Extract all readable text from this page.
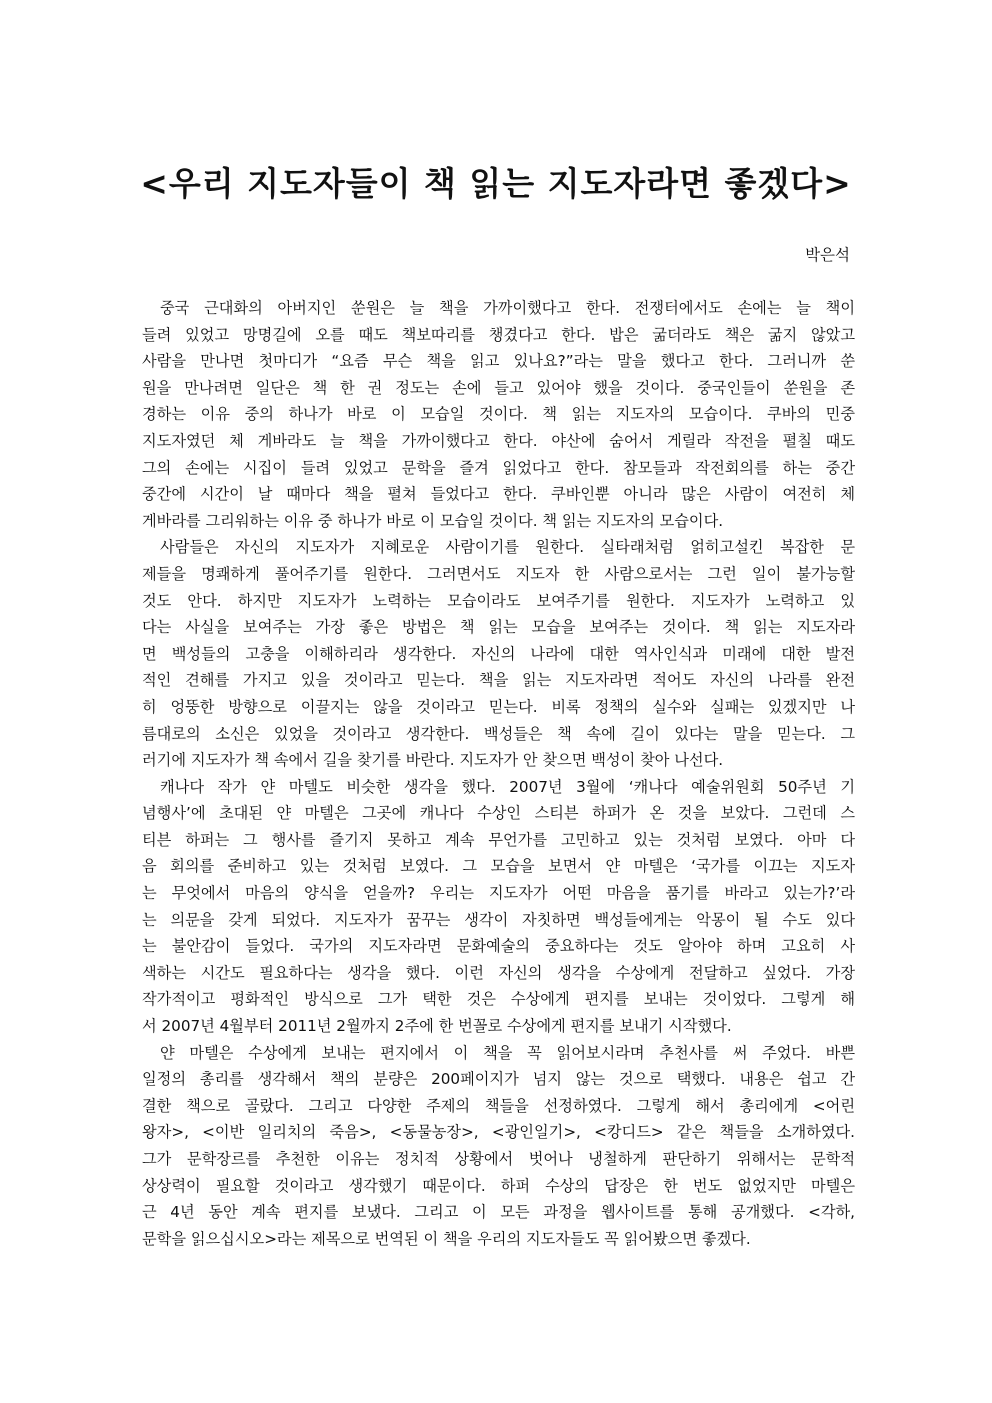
<우리 지도자들이 책 읽는 지도자라면 좋겠다>
박은석
중국 근대화의 아버지인 쑨원은 늘 책을 가까이했다고 한다. 전쟁터에서도 손에는 늘 책이
들려 있었고 망명길에 오를 때도 책보따리를 챙겼다고 한다. 밥은 굶더라도 책은 굶지 않았고
사람을 만나면 첫마디가 “요즘 무슨 책을 읽고 있나요?”라는 말을 했다고 한다. 그러니까 쑨
원을 만나려면 일단은 책 한 권 정도는 손에 들고 있어야 했을 것이다. 중국인들이 쑨원을 존
경하는 이유 중의 하나가 바로 이 모습일 것이다. 책 읽는 지도자의 모습이다. 쿠바의 민중
지도자였던 체 게바라도 늘 책을 가까이했다고 한다. 야산에 숨어서 게릴라 작전을 펼칠 때도
그의 손에는 시집이 들려 있었고 문학을 즐겨 읽었다고 한다. 참모들과 작전회의를 하는 중간
중간에 시간이 날 때마다 책을 펼쳐 들었다고 한다. 쿠바인뿐 아니라 많은 사람이 여전히 체
게바라를 그리워하는 이유 중 하나가 바로 이 모습일 것이다. 책 읽는 지도자의 모습이다.
사람들은 자신의 지도자가 지혜로운 사람이기를 원한다. 실타래처럼 얽히고설킨 복잡한 문
제들을 명쾌하게 풀어주기를 원한다. 그러면서도 지도자 한 사람으로서는 그런 일이 불가능할
것도 안다. 하지만 지도자가 노력하는 모습이라도 보여주기를 원한다. 지도자가 노력하고 있
다는 사실을 보여주는 가장 좋은 방법은 책 읽는 모습을 보여주는 것이다. 책 읽는 지도자라
면 백성들의 고충을 이해하리라 생각한다. 자신의 나라에 대한 역사인식과 미래에 대한 발전
적인 견해를 가지고 있을 것이라고 믿는다. 책을 읽는 지도자라면 적어도 자신의 나라를 완전
히 엉뚱한 방향으로 이끌지는 않을 것이라고 믿는다. 비록 정책의 실수와 실패는 있겠지만 나
름대로의 소신은 있었을 것이라고 생각한다. 백성들은 책 속에 길이 있다는 말을 믿는다. 그
러기에 지도자가 책 속에서 길을 찾기를 바란다. 지도자가 안 찾으면 백성이 찾아 나선다.
캐나다 작가 얀 마텔도 비슷한 생각을 했다. 2007년 3월에 ‘캐나다 예술위원회 50주년 기
념행사’에 초대된 얀 마텔은 그곳에 캐나다 수상인 스티븐 하퍼가 온 것을 보았다. 그런데 스
티븐 하퍼는 그 행사를 즐기지 못하고 계속 무언가를 고민하고 있는 것처럼 보였다. 아마 다
음 회의를 준비하고 있는 것처럼 보였다. 그 모습을 보면서 얀 마텔은 ‘국가를 이끄는 지도자
는 무엇에서 마음의 양식을 얻을까? 우리는 지도자가 어떤 마음을 품기를 바라고 있는가?’라
는 의문을 갖게 되었다. 지도자가 꿈꾸는 생각이 자칫하면 백성들에게는 악몽이 될 수도 있다
는 불안감이 들었다. 국가의 지도자라면 문화예술의 중요하다는 것도 알아야 하며 고요히 사
색하는 시간도 필요하다는 생각을 했다. 이런 자신의 생각을 수상에게 전달하고 싶었다. 가장
작가적이고 평화적인 방식으로 그가 택한 것은 수상에게 편지를 보내는 것이었다. 그렇게 해
서 2007년 4월부터 2011년 2월까지 2주에 한 번꼴로 수상에게 편지를 보내기 시작했다.
얀 마텔은 수상에게 보내는 편지에서 이 책을 꼭 읽어보시라며 추천사를 써 주었다. 바쁜
일정의 총리를 생각해서 책의 분량은 200페이지가 넘지 않는 것으로 택했다. 내용은 쉽고 간
결한 책으로 골랐다. 그리고 다양한 주제의 책들을 선정하였다. 그렇게 해서 총리에게 <어린
왕자>, <이반 일리치의 죽음>, <동물농장>, <광인일기>, <캉디드> 같은 책들을 소개하였다.
그가 문학장르를 추천한 이유는 정치적 상황에서 벗어나 냉철하게 판단하기 위해서는 문학적
상상력이 필요할 것이라고 생각했기 때문이다. 하퍼 수상의 답장은 한 번도 없었지만 마텔은
근 4년 동안 계속 편지를 보냈다. 그리고 이 모든 과정을 웹사이트를 통해 공개했다. <각하,
문학을 읽으십시오>라는 제목으로 번역된 이 책을 우리의 지도자들도 꼭 읽어봤으면 좋겠다.
